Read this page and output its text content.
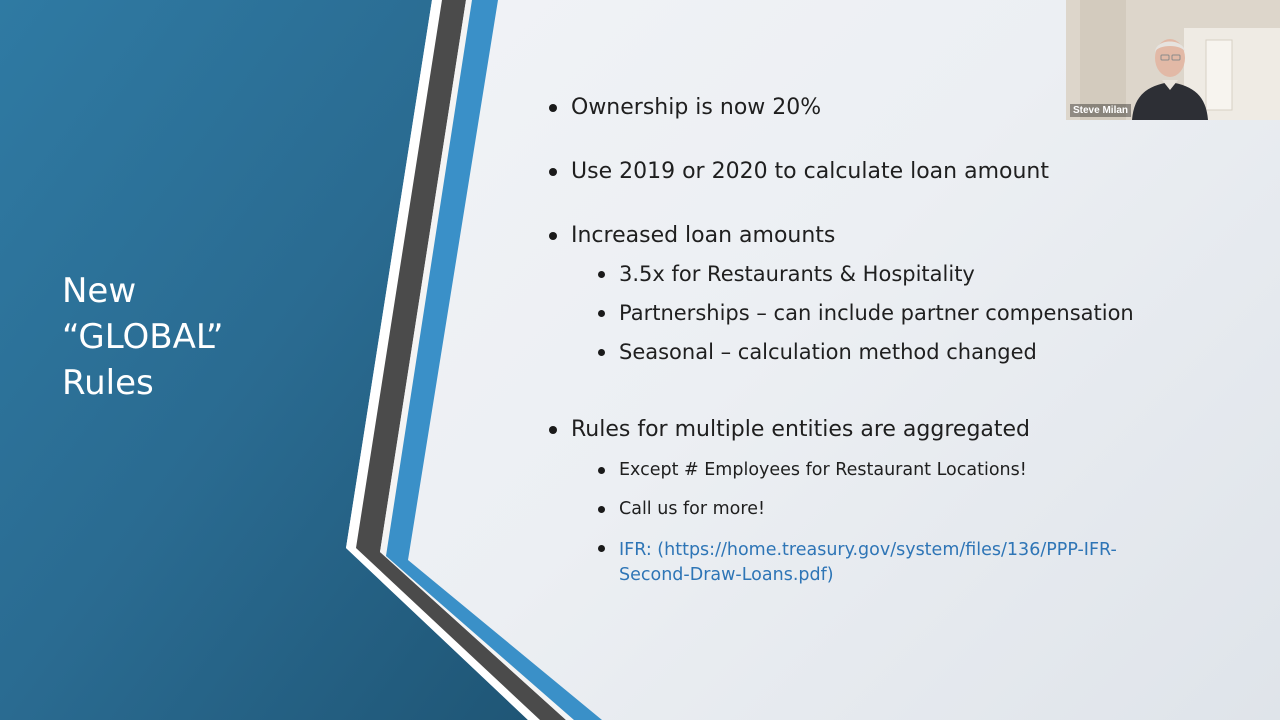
New
“GLOBAL”
Rules
Ownership is now 20%
Use 2019 or 2020 to calculate loan amount
Increased loan amounts
3.5x for Restaurants & Hospitality
Partnerships – can include partner compensation
Seasonal – calculation method changed
Rules for multiple entities are aggregated
Except # Employees for Restaurant Locations!
Call us for more!
IFR: (https://home.treasury.gov/system/files/136/PPP-IFR-Second-Draw-Loans.pdf)
Steve Milan
